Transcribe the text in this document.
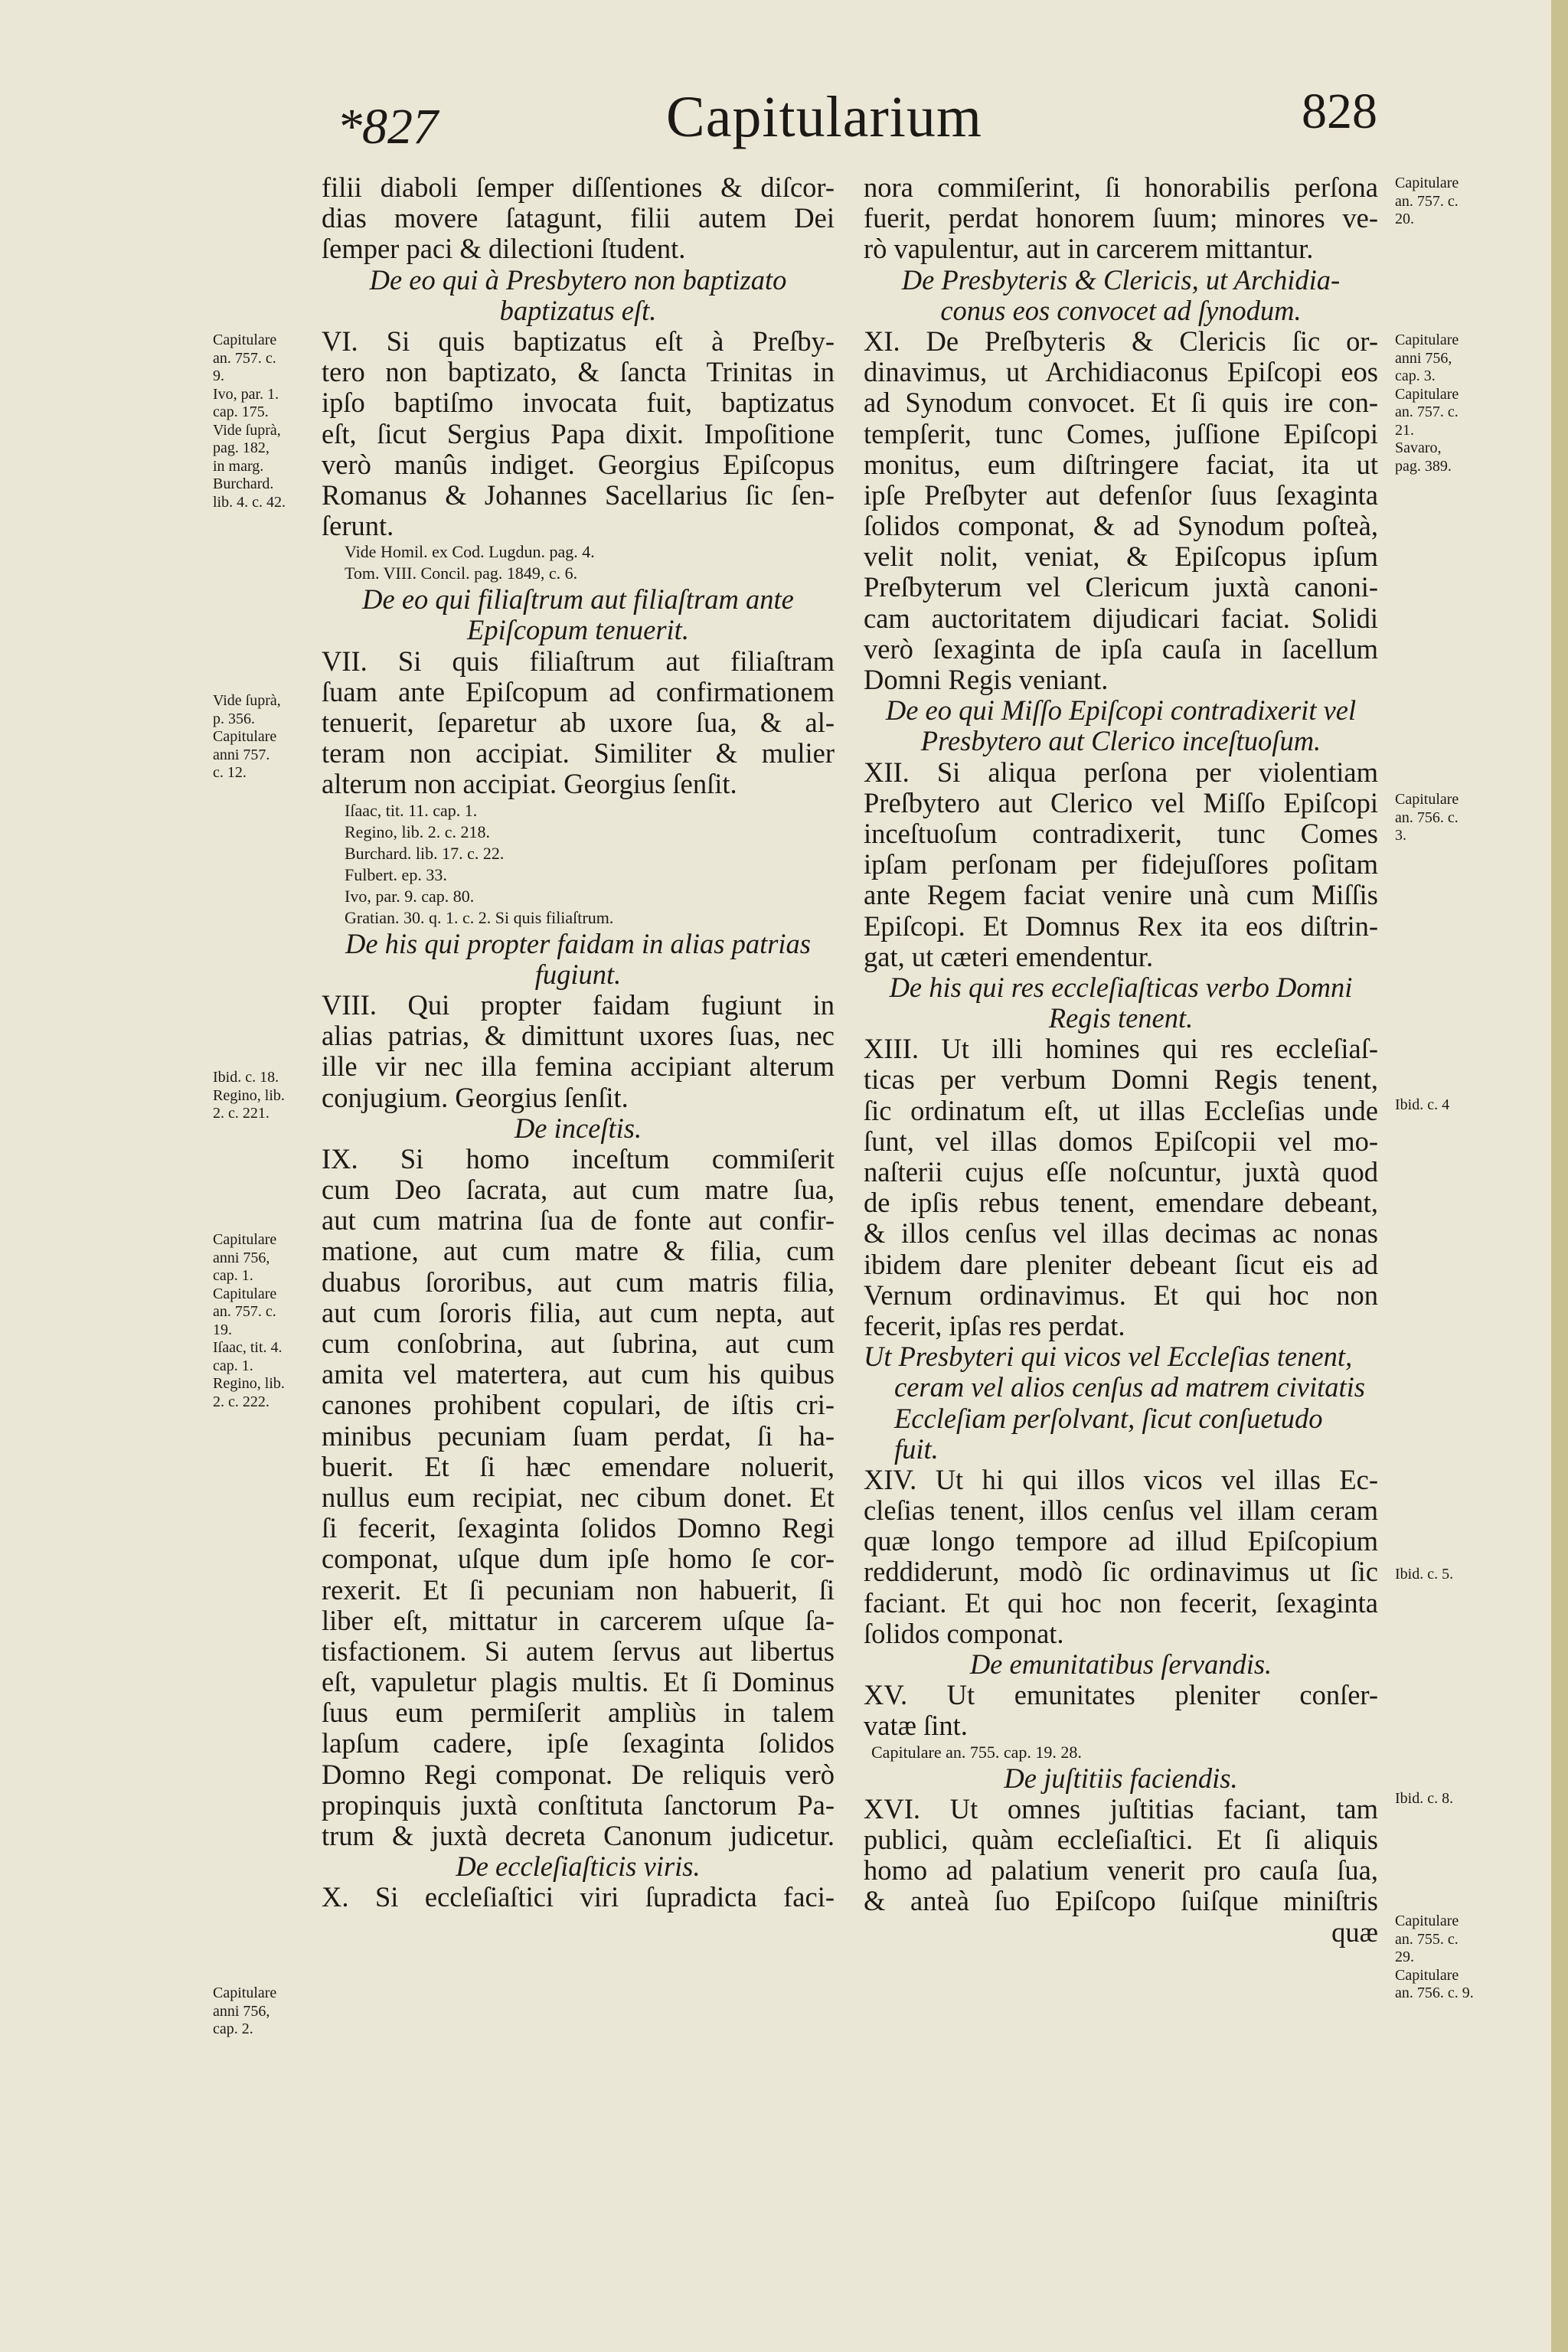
*827	Capitularium	828
filii diaboli ſemper diſſentiones & diſcor-
dias movere ſatagunt, filii autem Dei
ſemper paci & dilectioni ſtudent.
De eo qui à Presbytero non baptizato
baptizatus eſt.
VI. Si quis baptizatus eſt à Preſby-
tero non baptizato, & ſancta Trinitas in
ipſo baptiſmo invocata fuit, baptizatus
eſt, ſicut Sergius Papa dixit. Impoſitione
verò manûs indiget. Georgius Epiſcopus
Romanus & Johannes Sacellarius ſic ſen-
ſerunt.
Vide Homil. ex Cod. Lugdun. pag. 4.
Tom. VIII. Concil. pag. 1849, c. 6.
De eo qui filiaſtrum aut filiaſtram ante
Epiſcopum tenuerit.
VII. Si quis filiaſtrum aut filiaſtram
ſuam ante Epiſcopum ad confirmationem
tenuerit, ſeparetur ab uxore ſua, & al-
teram non accipiat. Similiter & mulier
alterum non accipiat. Georgius ſenſit.
Iſaac, tit. 11. cap. 1.
Regino, lib. 2. c. 218.
Burchard. lib. 17. c. 22.
Fulbert. ep. 33.
Ivo, par. 9. cap. 80.
Gratian. 30. q. 1. c. 2. Si quis filiaſtrum.
De his qui propter faidam in alias patrias
fugiunt.
VIII. Qui propter faidam fugiunt in
alias patrias, & dimittunt uxores ſuas, nec
ille vir nec illa femina accipiant alterum
conjugium. Georgius ſenſit.
De inceſtis.
IX. Si homo inceſtum commiſerit
cum Deo ſacrata, aut cum matre ſua,
aut cum matrina ſua de fonte aut confir-
matione, aut cum matre & filia, cum
duabus ſororibus, aut cum matris filia,
aut cum ſororis filia, aut cum nepta, aut
cum conſobrina, aut ſubrina, aut cum
amita vel matertera, aut cum his quibus
canones prohibent copulari, de iſtis cri-
minibus pecuniam ſuam perdat, ſi ha-
buerit. Et ſi hæc emendare noluerit,
nullus eum recipiat, nec cibum donet. Et
ſi fecerit, ſexaginta ſolidos Domno Regi
componat, uſque dum ipſe homo ſe cor-
rexerit. Et ſi pecuniam non habuerit, ſi
liber eſt, mittatur in carcerem uſque ſa-
tisfactionem. Si autem ſervus aut libertus
eſt, vapuletur plagis multis. Et ſi Dominus
ſuus eum permiſerit ampliùs in talem
lapſum cadere, ipſe ſexaginta ſolidos
Domno Regi componat. De reliquis verò
propinquis juxtà conſtituta ſanctorum Pa-
trum & juxtà decreta Canonum judicetur.
De eccleſiaſticis viris.
X. Si eccleſiaſtici viri ſupradicta faci-
nora commiſerint, ſi honorabilis perſona
fuerit, perdat honorem ſuum; minores ve-
rò vapulentur, aut in carcerem mittantur.
De Presbyteris & Clericis, ut Archidia-
conus eos convocet ad ſynodum.
XI. De Preſbyteris & Clericis ſic or-
dinavimus, ut Archidiaconus Epiſcopi eos
ad Synodum convocet. Et ſi quis ire con-
tempſerit, tunc Comes, juſſione Epiſcopi
monitus, eum diſtringere faciat, ita ut
ipſe Preſbyter aut defenſor ſuus ſexaginta
ſolidos componat, & ad Synodum poſteà,
velit nolit, veniat, & Epiſcopus ipſum
Preſbyterum vel Clericum juxtà canoni-
cam auctoritatem dijudicari faciat. Solidi
verò ſexaginta de ipſa cauſa in ſacellum
Domni Regis veniant.
De eo qui Miſſo Epiſcopi contradixerit vel
Presbytero aut Clerico inceſtuoſum.
XII. Si aliqua perſona per violentiam
Preſbytero aut Clerico vel Miſſo Epiſcopi
inceſtuoſum contradixerit, tunc Comes
ipſam perſonam per fidejuſſores poſitam
ante Regem faciat venire unà cum Miſſis
Epiſcopi. Et Domnus Rex ita eos diſtrin-
gat, ut cæteri emendentur.
De his qui res eccleſiaſticas verbo Domni
Regis tenent.
XIII. Ut illi homines qui res eccleſiaſ-
ticas per verbum Domni Regis tenent,
ſic ordinatum eſt, ut illas Eccleſias unde
ſunt, vel illas domos Epiſcopii vel mo-
naſterii cujus eſſe noſcuntur, juxtà quod
de ipſis rebus tenent, emendare debeant,
& illos cenſus vel illas decimas ac nonas
ibidem dare pleniter debeant ſicut eis ad
Vernum ordinavimus. Et qui hoc non
fecerit, ipſas res perdat.
Ut Presbyteri qui vicos vel Eccleſias tenent,
ceram vel alios cenſus ad matrem civitatis
Eccleſiam perſolvant, ſicut conſuetudo
fuit.
XIV. Ut hi qui illos vicos vel illas Ec-
cleſias tenent, illos cenſus vel illam ceram
quæ longo tempore ad illud Epiſcopium
reddiderunt, modò ſic ordinavimus ut ſic
faciant. Et qui hoc non fecerit, ſexaginta
ſolidos componat.
De emunitatibus ſervandis.
XV. Ut emunitates pleniter conſer-
vatæ ſint.
Capitulare an. 755. cap. 19. 28.
De juſtitiis faciendis.
XVI. Ut omnes juſtitias faciant, tam
publici, quàm eccleſiaſtici. Et ſi aliquis
homo ad palatium venerit pro cauſa ſua,
& anteà ſuo Epiſcopo ſuiſque miniſtris
quæ
Capitulare
an. 757. c.
9.
Ivo, par. 1.
cap. 175.
Vide ſuprà,
pag. 182,
in marg.
Burchard.
lib. 4. c. 42.
Vide ſuprà,
p. 356.
Capitulare
anni 757.
c. 12.
Ibid. c. 18.
Regino, lib.
2. c. 221.
Capitulare
anni 756,
cap. 1.
Capitulare
an. 757. c.
19.
Iſaac, tit. 4.
cap. 1.
Regino, lib.
2. c. 222.
Capitulare
anni 756,
cap. 2.
Capitulare
an. 757. c.
20.
Capitulare
anni 756,
cap. 3.
Capitulare
an. 757. c.
21.
Savaro,
pag. 389.
Capitulare
an. 756. c.
3.
Ibid. c. 4
Ibid. c. 5.
Ibid. c. 8.
Capitulare
an. 755. c.
29.
Capitulare
an. 756. c. 9.
